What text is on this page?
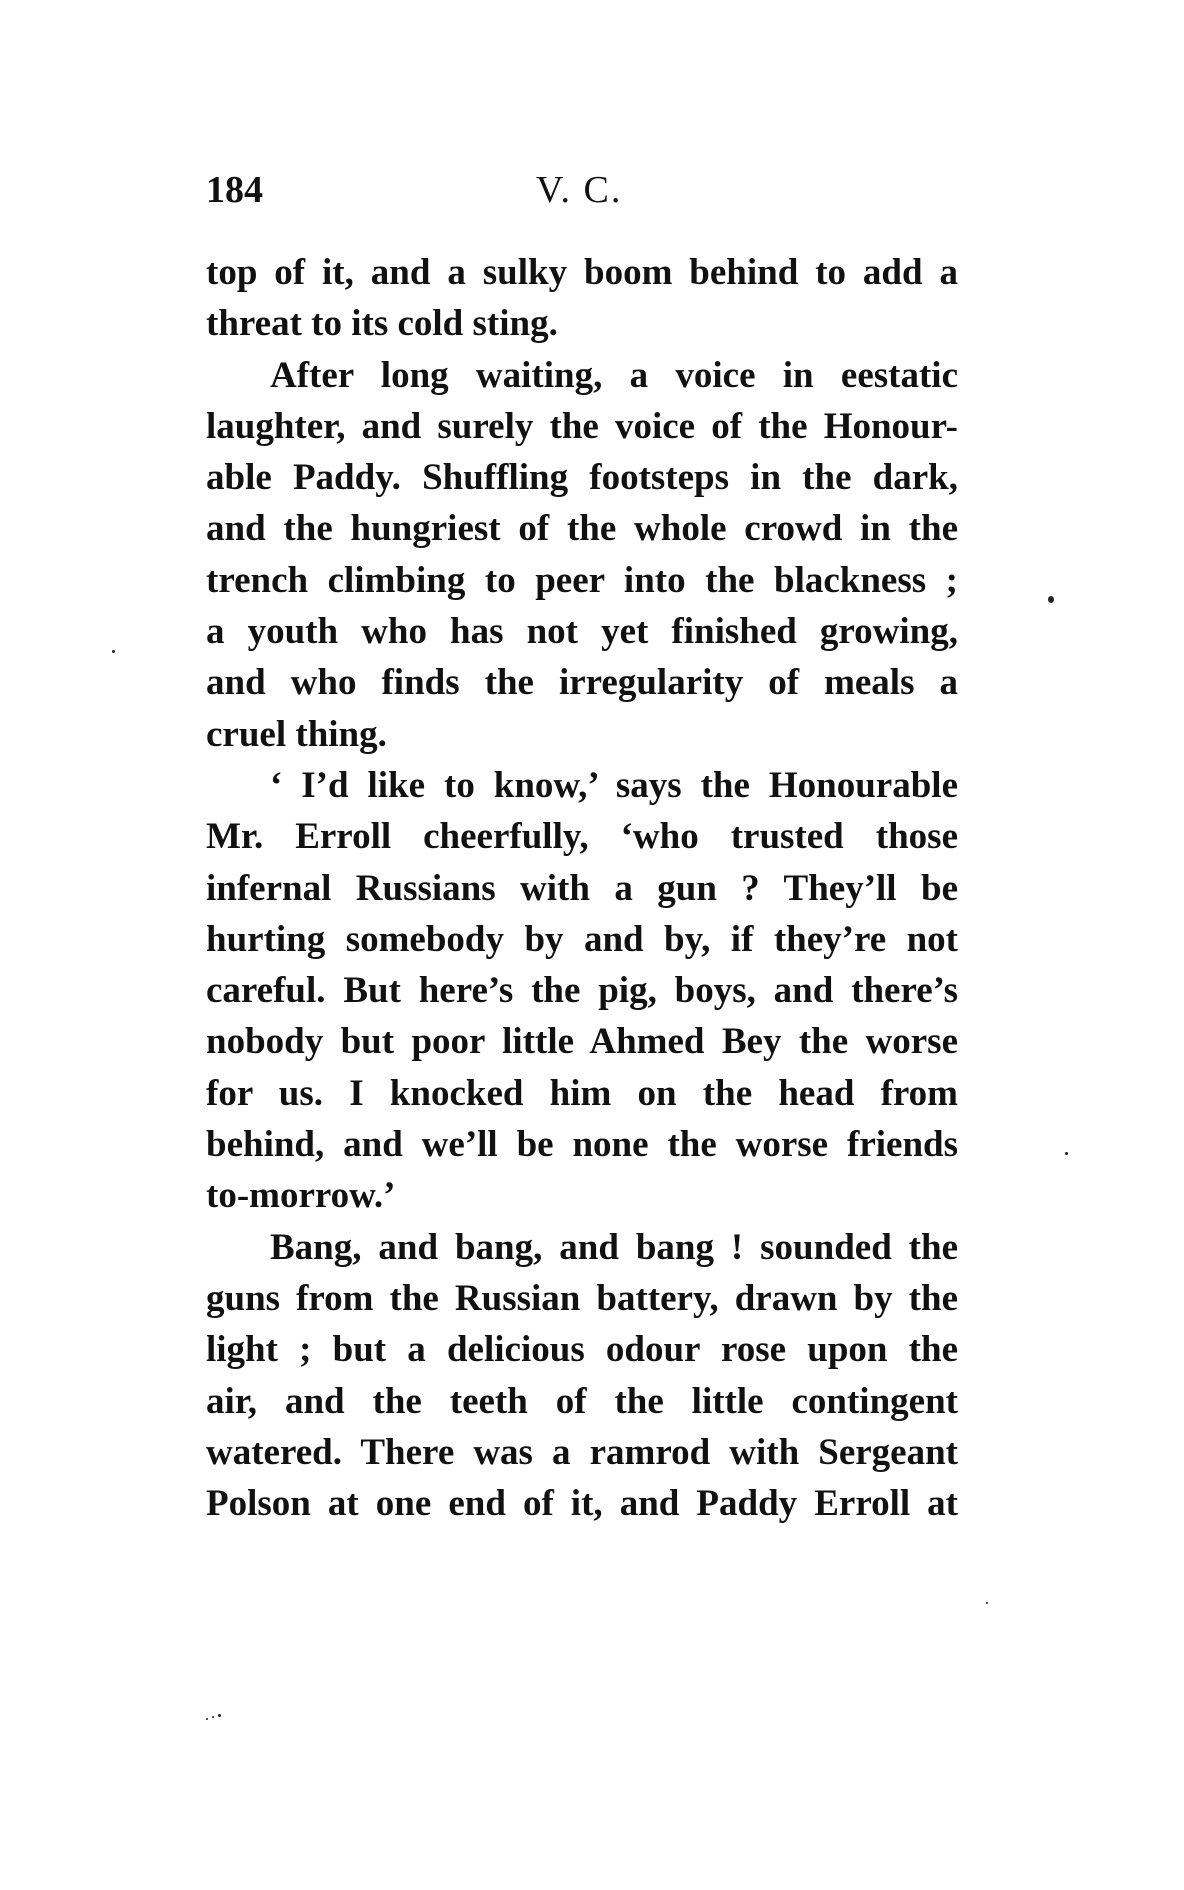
184	V. C.
top of it, and a sulky boom behind to add a
threat to its cold sting.
After long waiting, a voice in eestatic
laughter, and surely the voice of the Honour-
able Paddy. Shuffling footsteps in the dark,
and the hungriest of the whole crowd in the
trench climbing to peer into the blackness ;
a youth who has not yet finished growing,
and who finds the irregularity of meals a
cruel thing.
‘ I’d like to know,’ says the Honourable
Mr. Erroll cheerfully, ‘who trusted those
infernal Russians with a gun ? They’ll be
hurting somebody by and by, if they’re not
careful. But here’s the pig, boys, and there’s
nobody but poor little Ahmed Bey the worse
for us. I knocked him on the head from
behind, and we’ll be none the worse friends
to-morrow.’
Bang, and bang, and bang ! sounded the
guns from the Russian battery, drawn by the
light ; but a delicious odour rose upon the
air, and the teeth of the little contingent
watered. There was a ramrod with Sergeant
Polson at one end of it, and Paddy Erroll at
